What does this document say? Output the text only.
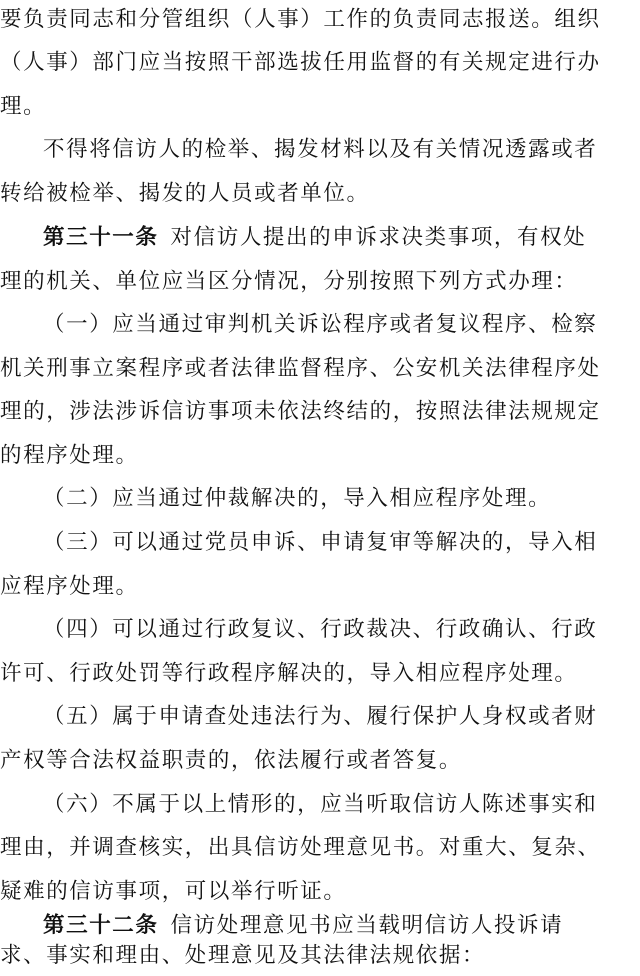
要负责同志和分管组织（人事）工作的负责同志报送。组织
（人事）部门应当按照干部选拔任用监督的有关规定进行办
理。
不得将信访人的检举、揭发材料以及有关情况透露或者
转给被检举、揭发的人员或者单位。
第三十一条 对信访人提出的申诉求决类事项，有权处
理的机关、单位应当区分情况，分别按照下列方式办理：
（一）应当通过审判机关诉讼程序或者复议程序、检察
机关刑事立案程序或者法律监督程序、公安机关法律程序处
理的，涉法涉诉信访事项未依法终结的，按照法律法规规定
的程序处理。
（二）应当通过仲裁解决的，导入相应程序处理。
（三）可以通过党员申诉、申请复审等解决的，导入相
应程序处理。
（四）可以通过行政复议、行政裁决、行政确认、行政
许可、行政处罚等行政程序解决的，导入相应程序处理。
（五）属于申请查处违法行为、履行保护人身权或者财
产权等合法权益职责的，依法履行或者答复。
（六）不属于以上情形的，应当听取信访人陈述事实和
理由，并调查核实，出具信访处理意见书。对重大、复杂、
疑难的信访事项，可以举行听证。
第三十二条 信访处理意见书应当载明信访人投诉请
求、事实和理由、处理意见及其法律法规依据：
